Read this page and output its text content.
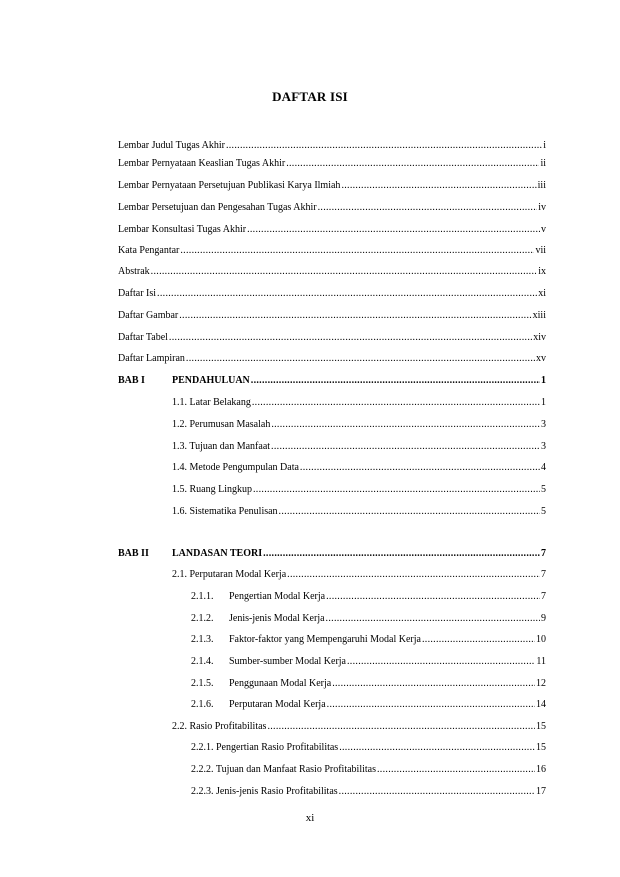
DAFTAR ISI
Lembar Judul Tugas Akhir .....	i
Lembar Pernyataan Keaslian Tugas Akhir .....	ii
Lembar Pernyataan Persetujuan Publikasi Karya Ilmiah .....	iii
Lembar Persetujuan dan Pengesahan Tugas Akhir .....	iv
Lembar Konsultasi Tugas Akhir .....	v
Kata Pengantar .....	vii
Abstrak .....	ix
Daftar Isi .....	xi
Daftar Gambar .....	xiii
Daftar Tabel .....	xiv
Daftar Lampiran .....	xv
BAB I	PENDAHULUAN .....	1
1.1. Latar Belakang .....	1
1.2. Perumusan Masalah .....	3
1.3. Tujuan dan Manfaat .....	3
1.4. Metode Pengumpulan Data .....	4
1.5. Ruang Lingkup .....	5
1.6. Sistematika Penulisan .....	5
BAB II	LANDASAN TEORI .....	7
2.1. Perputaran Modal Kerja .....	7
2.1.1.	Pengertian Modal Kerja .....	7
2.1.2.	Jenis-jenis Modal Kerja .....	9
2.1.3.	Faktor-faktor yang Mempengaruhi Modal Kerja .....	10
2.1.4.	Sumber-sumber Modal Kerja .....	11
2.1.5.	Penggunaan Modal Kerja .....	12
2.1.6.	Perputaran Modal Kerja .....	14
2.2. Rasio Profitabilitas .....	15
2.2.1. Pengertian Rasio Profitabilitas .....	15
2.2.2. Tujuan dan Manfaat Rasio Profitabilitas .....	16
2.2.3. Jenis-jenis Rasio Profitabilitas .....	17
xi
